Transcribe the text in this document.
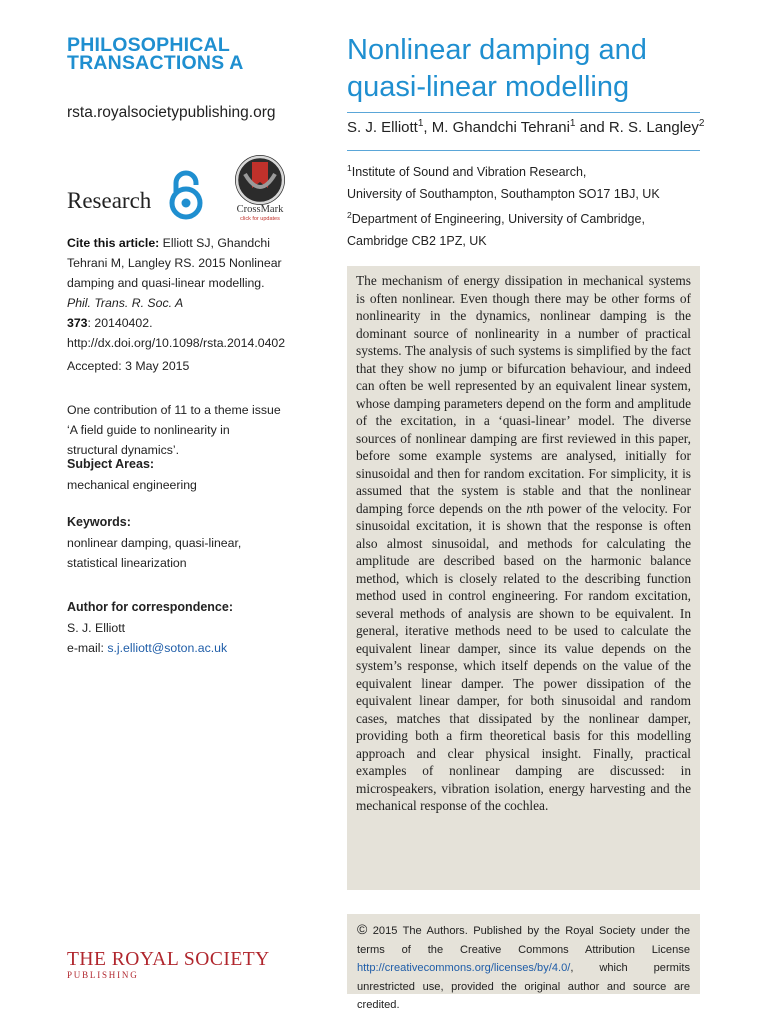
PHILOSOPHICAL
TRANSACTIONS A
rsta.royalsocietypublishing.org
Research	CrossMark
click for updates
Cite this article: Elliott SJ, Ghandchi Tehrani M, Langley RS. 2015 Nonlinear damping and quasi-linear modelling. Phil. Trans. R. Soc. A
373: 20140402.
http://dx.doi.org/10.1098/rsta.2014.0402
Accepted: 3 May 2015
One contribution of 11 to a theme issue ‘A field guide to nonlinearity in structural dynamics’.
Subject Areas:
mechanical engineering
Keywords:
nonlinear damping, quasi-linear, statistical linearization
Author for correspondence:
S. J. Elliott
e-mail: s.j.elliott@soton.ac.uk
THE ROYAL SOCIETY
PUBLISHING
Nonlinear damping and
quasi-linear modelling
S. J. Elliott$^1$, M. Ghandchi Tehrani$^1$ and R. S. Langley$^2$
$^1$Institute of Sound and Vibration Research,
University of Southampton, Southampton SO17 1BJ, UK
$^2$Department of Engineering, University of Cambridge,
Cambridge CB2 1PZ, UK

The mechanism of energy dissipation in mechanical systems is often nonlinear. Even though there may be other forms of nonlinearity in the dynamics, nonlinear damping is the dominant source of nonlinearity in a number of practical systems. The analysis of such systems is simplified by the fact that they show no jump or bifurcation behaviour, and indeed can often be well represented by an equivalent linear system, whose damping parameters depend on the form and amplitude of the excitation, in a ‘quasi-linear’ model. The diverse sources of nonlinear damping are first reviewed in this paper, before some example systems are analysed, initially for sinusoidal and then for random excitation. For simplicity, it is assumed that the system is stable and that the nonlinear damping force depends on the nth power of the velocity. For sinusoidal excitation, it is shown that the response is often also almost sinusoidal, and methods for calculating the amplitude are described based on the harmonic balance method, which is closely related to the describing function method used in control engineering. For random excitation, several methods of analysis are shown to be equivalent. In general, iterative methods need to be used to calculate the equivalent linear damper, since its value depends on the system’s response, which itself depends on the value of the equivalent linear damper. The power dissipation of the equivalent linear damper, for both sinusoidal and random cases, matches that dissipated by the nonlinear damper, providing both a firm theoretical basis for this modelling approach and clear physical insight. Finally, practical examples of nonlinear damping are discussed: in microspeakers, vibration isolation, energy harvesting and the mechanical response of the cochlea.

© 2015 The Authors. Published by the Royal Society under the terms of the Creative Commons Attribution License http://creativecommons.org/licenses/by/4.0/, which permits unrestricted use, provided the original author and source are credited.
